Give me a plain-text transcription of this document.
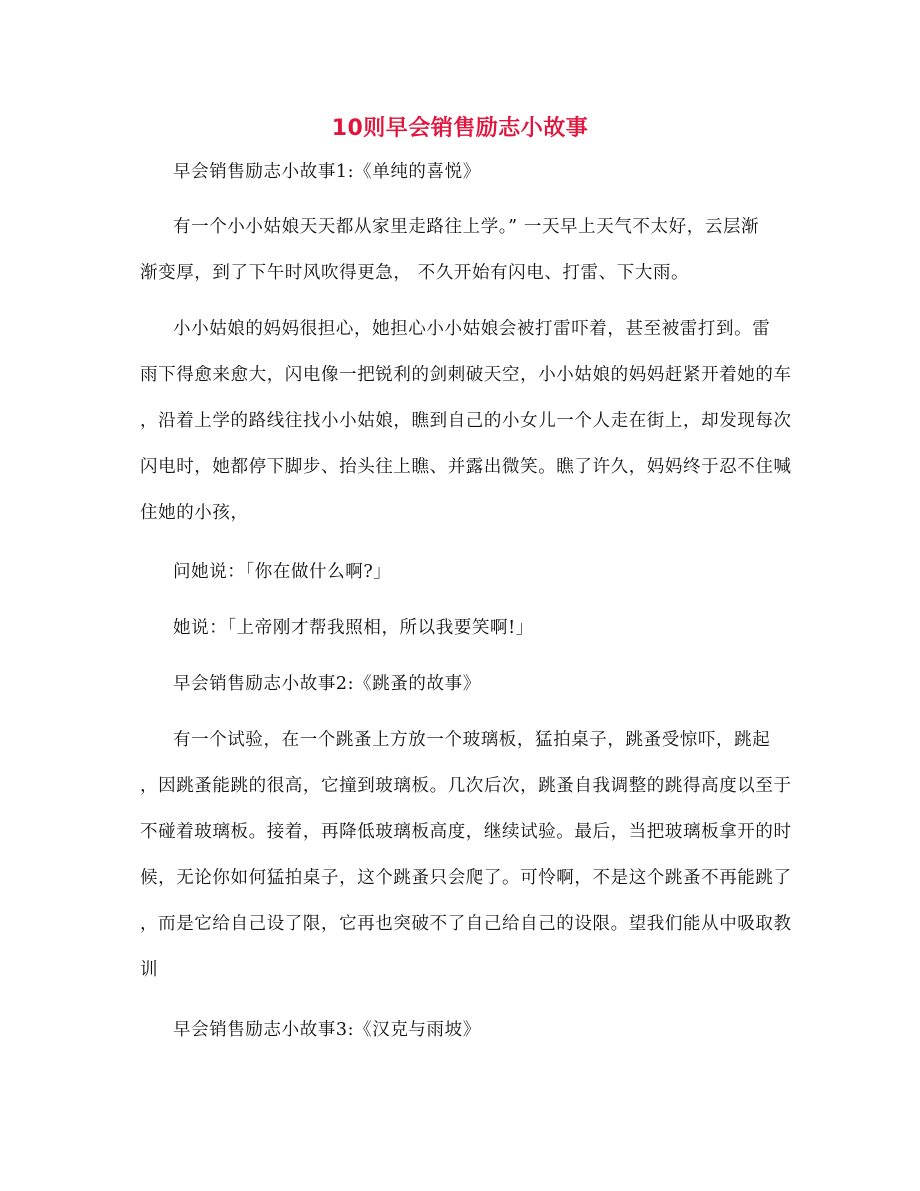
10则早会销售励志小故事
早会销售励志小故事1:《单纯的喜悦》
有一个小小姑娘天天都从家里走路往上学。” 一天早上天气不太好，云层渐
渐变厚，到了下午时风吹得更急， 不久开始有闪电、打雷、下大雨。
小小姑娘的妈妈很担心，她担心小小姑娘会被打雷吓着，甚至被雷打到。雷
雨下得愈来愈大，闪电像一把锐利的剑刺破天空，小小姑娘的妈妈赶紧开着她的车
，沿着上学的路线往找小小姑娘，瞧到自己的小女儿一个人走在街上，却发现每次
闪电时，她都停下脚步、抬头往上瞧、并露出微笑。瞧了许久，妈妈终于忍不住喊
住她的小孩，
问她说：「你在做什么啊?」
她说：「上帝刚才帮我照相，所以我要笑啊!」
早会销售励志小故事2:《跳蚤的故事》
有一个试验，在一个跳蚤上方放一个玻璃板，猛拍桌子，跳蚤受惊吓，跳起
，因跳蚤能跳的很高，它撞到玻璃板。几次后次，跳蚤自我调整的跳得高度以至于
不碰着玻璃板。接着，再降低玻璃板高度，继续试验。最后，当把玻璃板拿开的时
候，无论你如何猛拍桌子，这个跳蚤只会爬了。可怜啊，不是这个跳蚤不再能跳了
，而是它给自己设了限，它再也突破不了自己给自己的设限。望我们能从中吸取教
训
早会销售励志小故事3:《汉克与雨坡》
